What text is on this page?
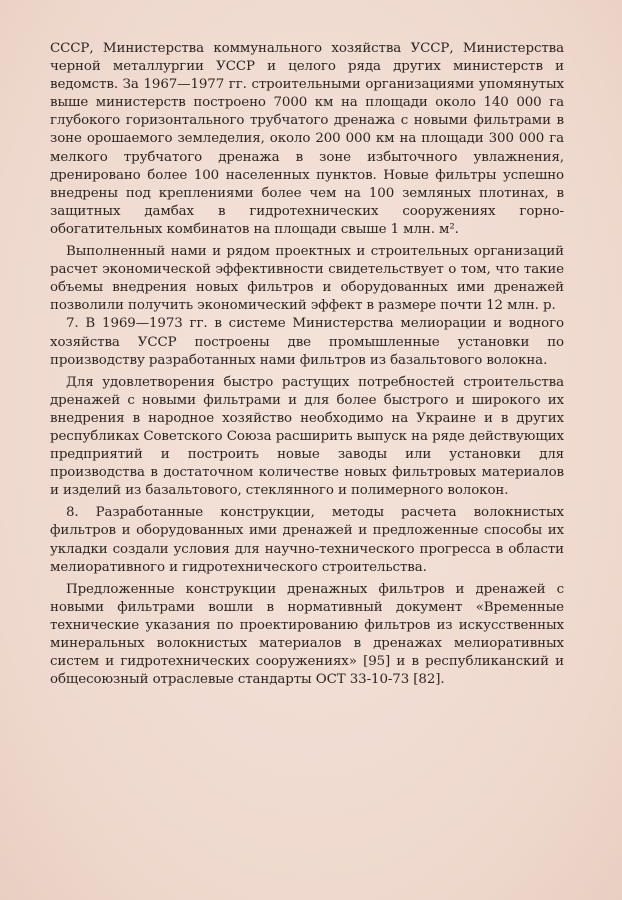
СССР, Министерства коммунального хозяйства УССР, Министерства черной металлургии УССР и целого ряда других министерств и ведомств. За 1967—1977 гг. строительными организациями упомянутых выше министерств построено 7000 км на площади около 140 000 га глубокого горизонтального трубчатого дренажа с новыми фильтрами в зоне орошаемого земледелия, около 200 000 км на площади 300 000 га мелкого трубчатого дренажа в зоне избыточного увлажнения, дренировано более 100 населенных пунктов. Новые фильтры успешно внедрены под креплениями более чем на 100 земляных плотинах, в защитных дамбах в гидротехнических сооружениях горно-обогатительных комбинатов на площади свыше 1 млн. м².

Выполненный нами и рядом проектных и строительных организаций расчет экономической эффективности свидетельствует о том, что такие объемы внедрения новых фильтров и оборудованных ими дренажей позволили получить экономический эффект в размере почти 12 млн. р.

7. В 1969—1973 гг. в системе Министерства мелиорации и водного хозяйства УССР построены две промышленные установки по производству разработанных нами фильтров из базальтового волокна.

Для удовлетворения быстро растущих потребностей строительства дренажей с новыми фильтрами и для более быстрого и широкого их внедрения в народное хозяйство необходимо на Украине и в других республиках Советского Союза расширить выпуск на ряде действующих предприятий и построить новые заводы или установки для производства в достаточном количестве новых фильтровых материалов и изделий из базальтового, стеклянного и полимерного волокон.

8. Разработанные конструкции, методы расчета волокнистых фильтров и оборудованных ими дренажей и предложенные способы их укладки создали условия для научно-технического прогресса в области мелиоративного и гидротехнического строительства.

Предложенные конструкции дренажных фильтров и дренажей с новыми фильтрами вошли в нормативный документ «Временные технические указания по проектированию фильтров из искусственных минеральных волокнистых материалов в дренажах мелиоративных систем и гидротехнических сооружениях» [95] и в республиканский и общесоюзный отраслевые стандарты ОСТ 33-10-73 [82].
